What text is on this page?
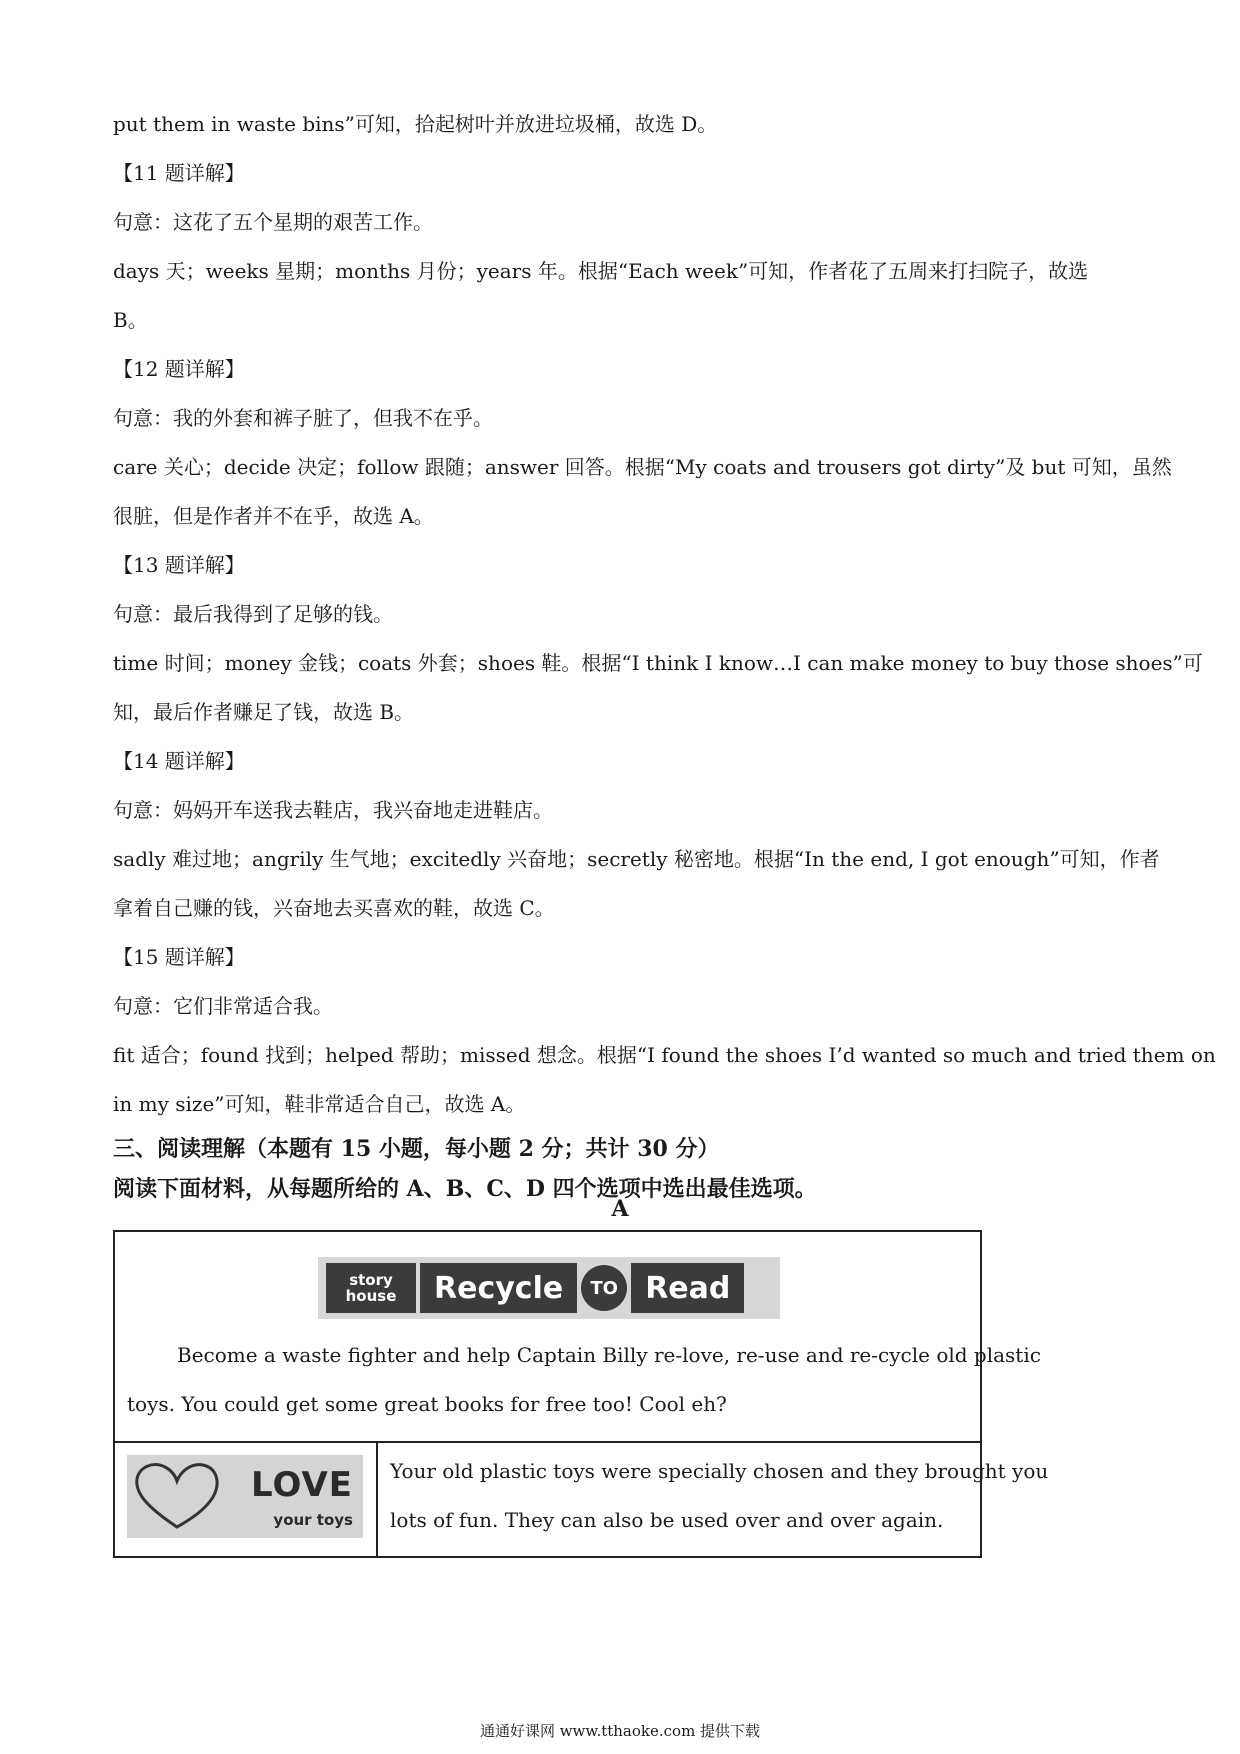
put them in waste bins”可知，拾起树叶并放进垃圾桶，故选 D。
【11 题详解】
句意：这花了五个星期的艰苦工作。
days 天；weeks 星期；months 月份；years 年。根据“Each week”可知，作者花了五周来打扫院子，故选
B。
【12 题详解】
句意：我的外套和裤子脏了，但我不在乎。
care 关心；decide 决定；follow 跟随；answer 回答。根据“My coats and trousers got dirty”及 but 可知，虽然
很脏，但是作者并不在乎，故选 A。
【13 题详解】
句意：最后我得到了足够的钱。
time 时间；money 金钱；coats 外套；shoes 鞋。根据“I think I know…I can make money to buy those shoes”可
知，最后作者赚足了钱，故选 B。
【14 题详解】
句意：妈妈开车送我去鞋店，我兴奋地走进鞋店。
sadly 难过地；angrily 生气地；excitedly 兴奋地；secretly 秘密地。根据“In the end, I got enough”可知，作者
拿着自己赚的钱，兴奋地去买喜欢的鞋，故选 C。
【15 题详解】
句意：它们非常适合我。
fit 适合；found 找到；helped 帮助；missed 想念。根据“I found the shoes I’d wanted so much and tried them on
in my size”可知，鞋非常适合自己，故选 A。
三、阅读理解（本题有 15 小题，每小题 2 分；共计 30 分）
阅读下面材料，从每题所给的 A、B、C、D 四个选项中选出最佳选项。
A
story
house	Recycle	TO Read
Become a waste fighter and help Captain Billy re-love, re-use and re-cycle old plastic
toys. You could get some great books for free too! Cool eh?
LOVE
your toys
Your old plastic toys were specially chosen and they brought you
lots of fun. They can also be used over and over again.
通通好课网 www.tthaoke.com 提供下载
